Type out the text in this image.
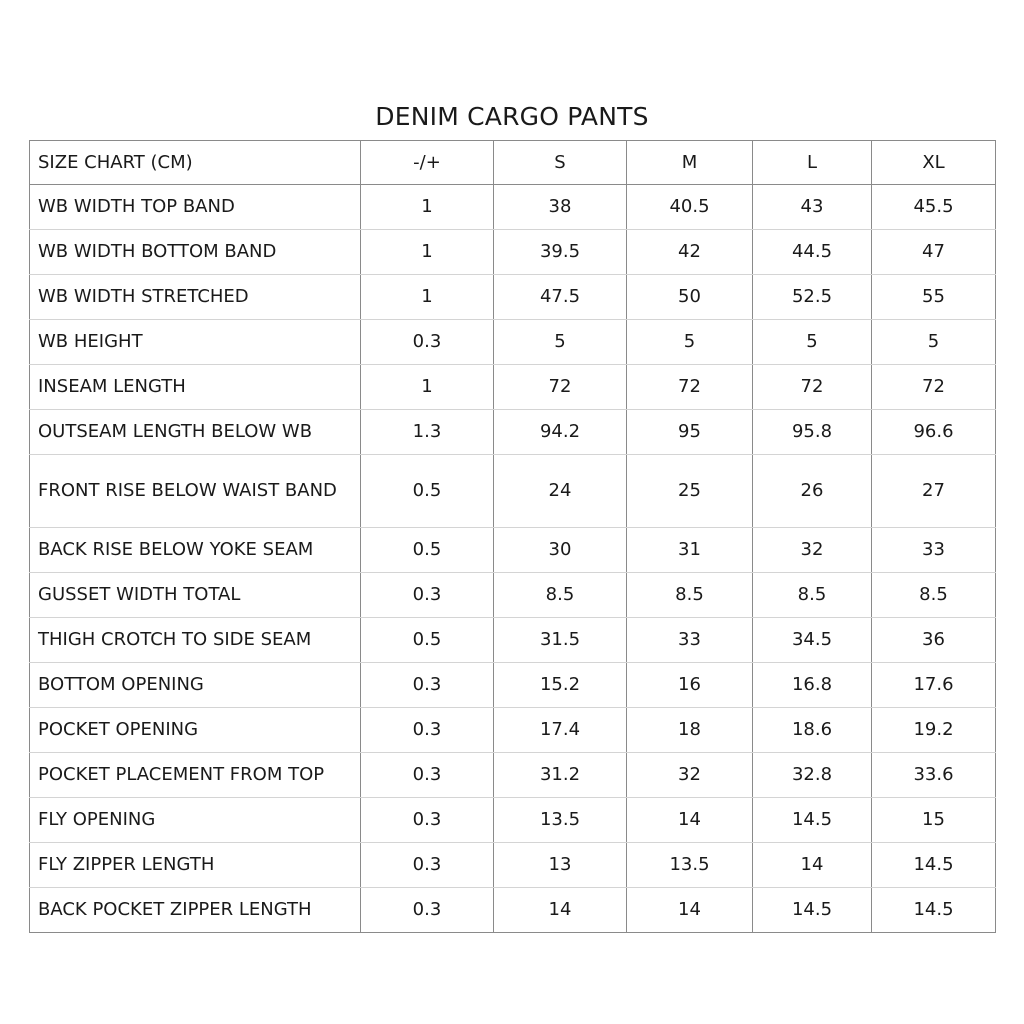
DENIM CARGO PANTS
SIZE CHART (CM)	-/+	S	M	L	XL
WB WIDTH TOP BAND	1	38	40.5	43	45.5
WB WIDTH BOTTOM BAND	1	39.5	42	44.5	47
WB WIDTH STRETCHED	1	47.5	50	52.5	55
WB HEIGHT	0.3	5	5	5	5
INSEAM LENGTH	1	72	72	72	72
OUTSEAM LENGTH BELOW WB	1.3	94.2	95	95.8	96.6
FRONT RISE BELOW WAIST BAND	0.5	24	25	26	27
BACK RISE BELOW YOKE SEAM	0.5	30	31	32	33
GUSSET WIDTH TOTAL	0.3	8.5	8.5	8.5	8.5
THIGH CROTCH TO SIDE SEAM	0.5	31.5	33	34.5	36
BOTTOM OPENING	0.3	15.2	16	16.8	17.6
POCKET OPENING	0.3	17.4	18	18.6	19.2
POCKET PLACEMENT FROM TOP	0.3	31.2	32	32.8	33.6
FLY OPENING	0.3	13.5	14	14.5	15
FLY ZIPPER LENGTH	0.3	13	13.5	14	14.5
BACK POCKET ZIPPER LENGTH	0.3	14	14	14.5	14.5
